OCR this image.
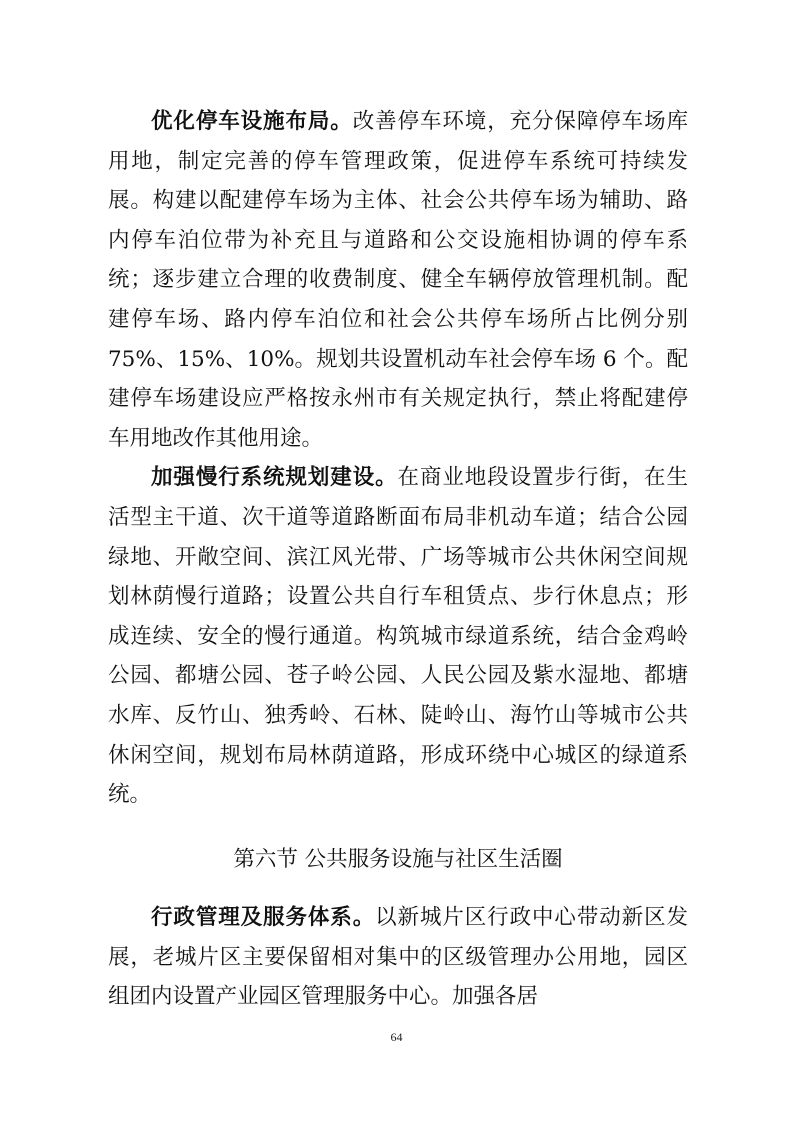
优化停车设施布局。改善停车环境，充分保障停车场库用地，制定完善的停车管理政策，促进停车系统可持续发展。构建以配建停车场为主体、社会公共停车场为辅助、路内停车泊位带为补充且与道路和公交设施相协调的停车系统；逐步建立合理的收费制度、健全车辆停放管理机制。配建停车场、路内停车泊位和社会公共停车场所占比例分别 75%、15%、10%。规划共设置机动车社会停车场 6 个。配建停车场建设应严格按永州市有关规定执行，禁止将配建停车用地改作其他用途。

加强慢行系统规划建设。在商业地段设置步行街，在生活型主干道、次干道等道路断面布局非机动车道；结合公园绿地、开敞空间、滨江风光带、广场等城市公共休闲空间规划林荫慢行道路；设置公共自行车租赁点、步行休息点；形成连续、安全的慢行通道。构筑城市绿道系统，结合金鸡岭公园、都塘公园、苍子岭公园、人民公园及紫水湿地、都塘水库、反竹山、独秀岭、石林、陡岭山、海竹山等城市公共休闲空间，规划布局林荫道路，形成环绕中心城区的绿道系统。

第六节 公共服务设施与社区生活圈

行政管理及服务体系。以新城片区行政中心带动新区发展，老城片区主要保留相对集中的区级管理办公用地，园区组团内设置产业园区管理服务中心。加强各居

64
